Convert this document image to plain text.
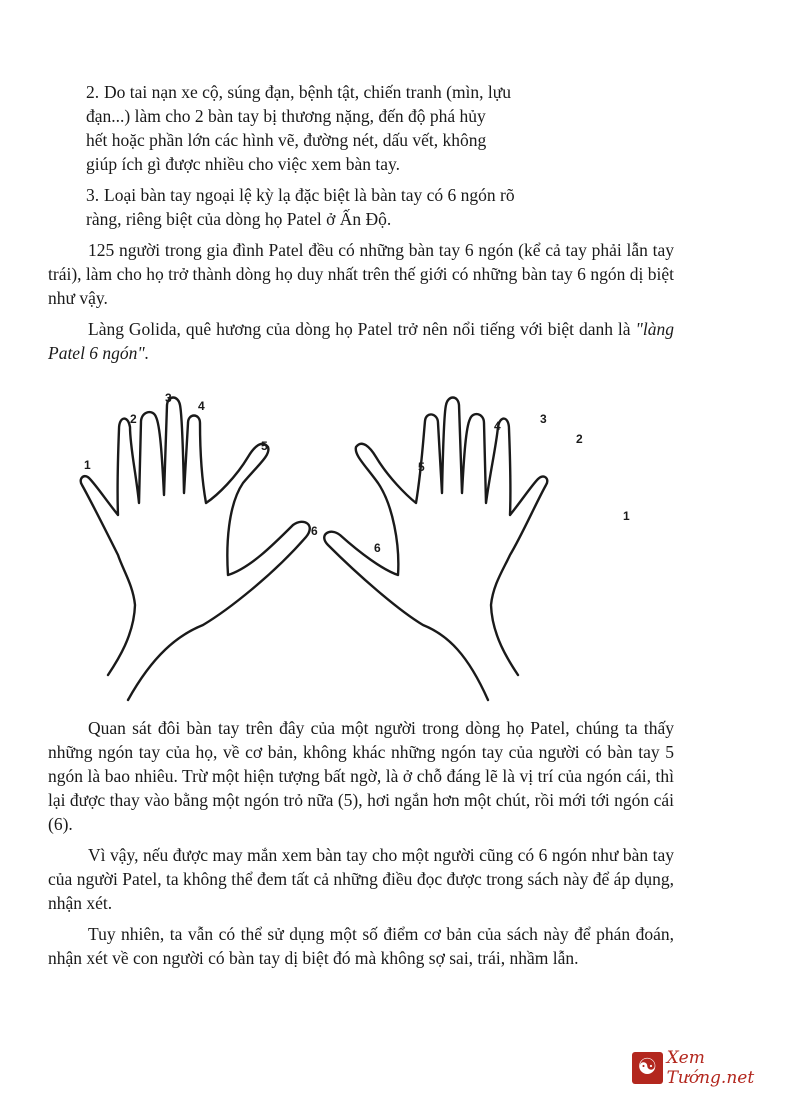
2. Do tai nạn xe cộ, súng đạn, bệnh tật, chiến tranh (mìn, lựu
đạn...) làm cho 2 bàn tay bị thương nặng, đến độ phá hủy
hết hoặc phần lớn các hình vẽ, đường nét, dấu vết, không
giúp ích gì được nhiều cho việc xem bàn tay.
3. Loại bàn tay ngoại lệ kỳ lạ đặc biệt là bàn tay có 6 ngón rõ
ràng, riêng biệt của dòng họ Patel ở Ấn Độ.

125 người trong gia đình Patel đều có những bàn tay 6 ngón (kể cả tay phải lẫn tay trái), làm cho họ trở thành dòng họ duy nhất trên thế giới có những bàn tay 6 ngón dị biệt như vậy.

Làng Golida, quê hương của dòng họ Patel trở nên nổi tiếng với biệt danh là "làng Patel 6 ngón".

1
2
3
4
5
6
4	3
2
5
1
6

Quan sát đôi bàn tay trên đây của một người trong dòng họ Patel, chúng ta thấy những ngón tay của họ, về cơ bản, không khác những ngón tay của người có bàn tay 5 ngón là bao nhiêu. Trừ một hiện tượng bất ngờ, là ở chỗ đáng lẽ là vị trí của ngón cái, thì lại được thay vào bằng một ngón trỏ nữa (5), hơi ngắn hơn một chút, rồi mới tới ngón cái (6).

Vì vậy, nếu được may mắn xem bàn tay cho một người cũng có 6 ngón như bàn tay của người Patel, ta không thể đem tất cả những điều đọc được trong sách này để áp dụng, nhận xét.

Tuy nhiên, ta vẫn có thể sử dụng một số điểm cơ bản của sách này để phán đoán, nhận xét về con người có bàn tay dị biệt đó mà không sợ sai, trái, nhầm lẫn.

☯ Xem Tướng.net
